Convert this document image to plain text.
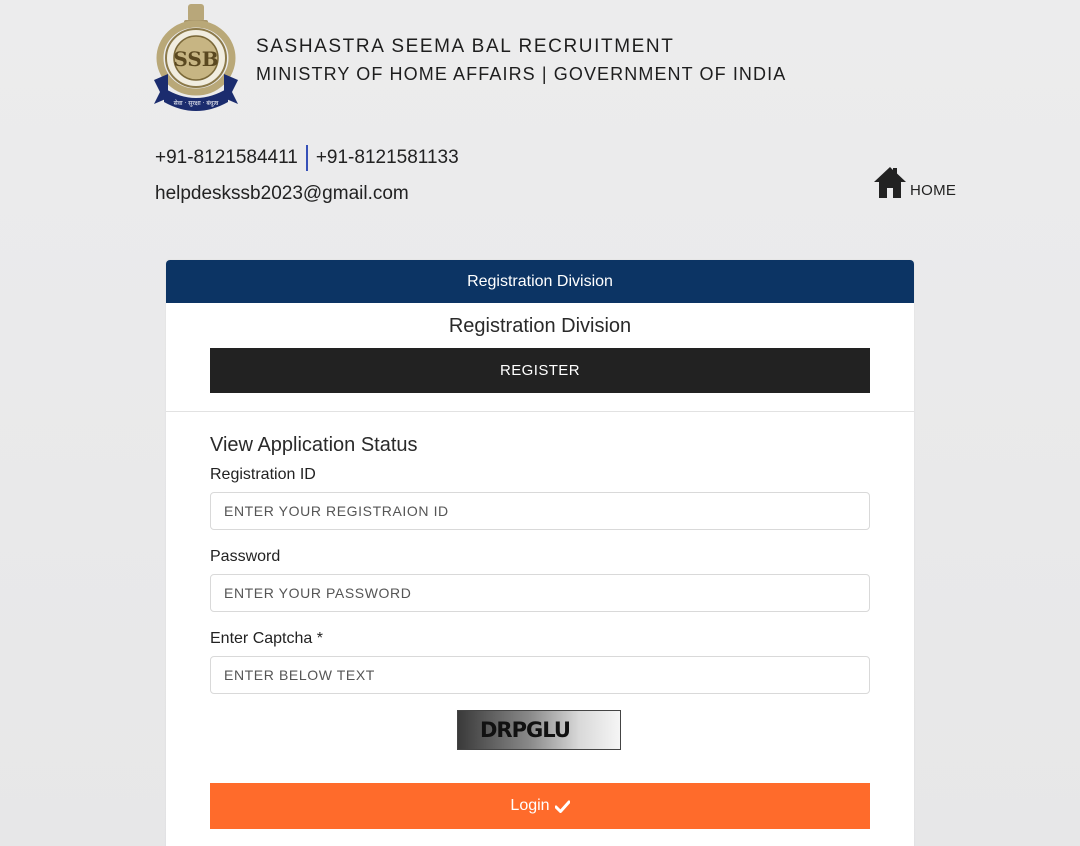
SSB
सेवा · सुरक्षा · बंधुत्व
SASHASTRA SEEMA BAL RECRUITMENT
MINISTRY OF HOME AFFAIRS | GOVERNMENT OF INDIA
+91-8121584411 +91-8121581133
helpdeskssb2023@gmail.com	HOME
Registration Division
Registration Division
REGISTER
View Application Status
Registration ID
ENTER YOUR REGISTRAION ID
Password
Enter Captcha *
ENTER BELOW TEXT
DRPGLU
Login
